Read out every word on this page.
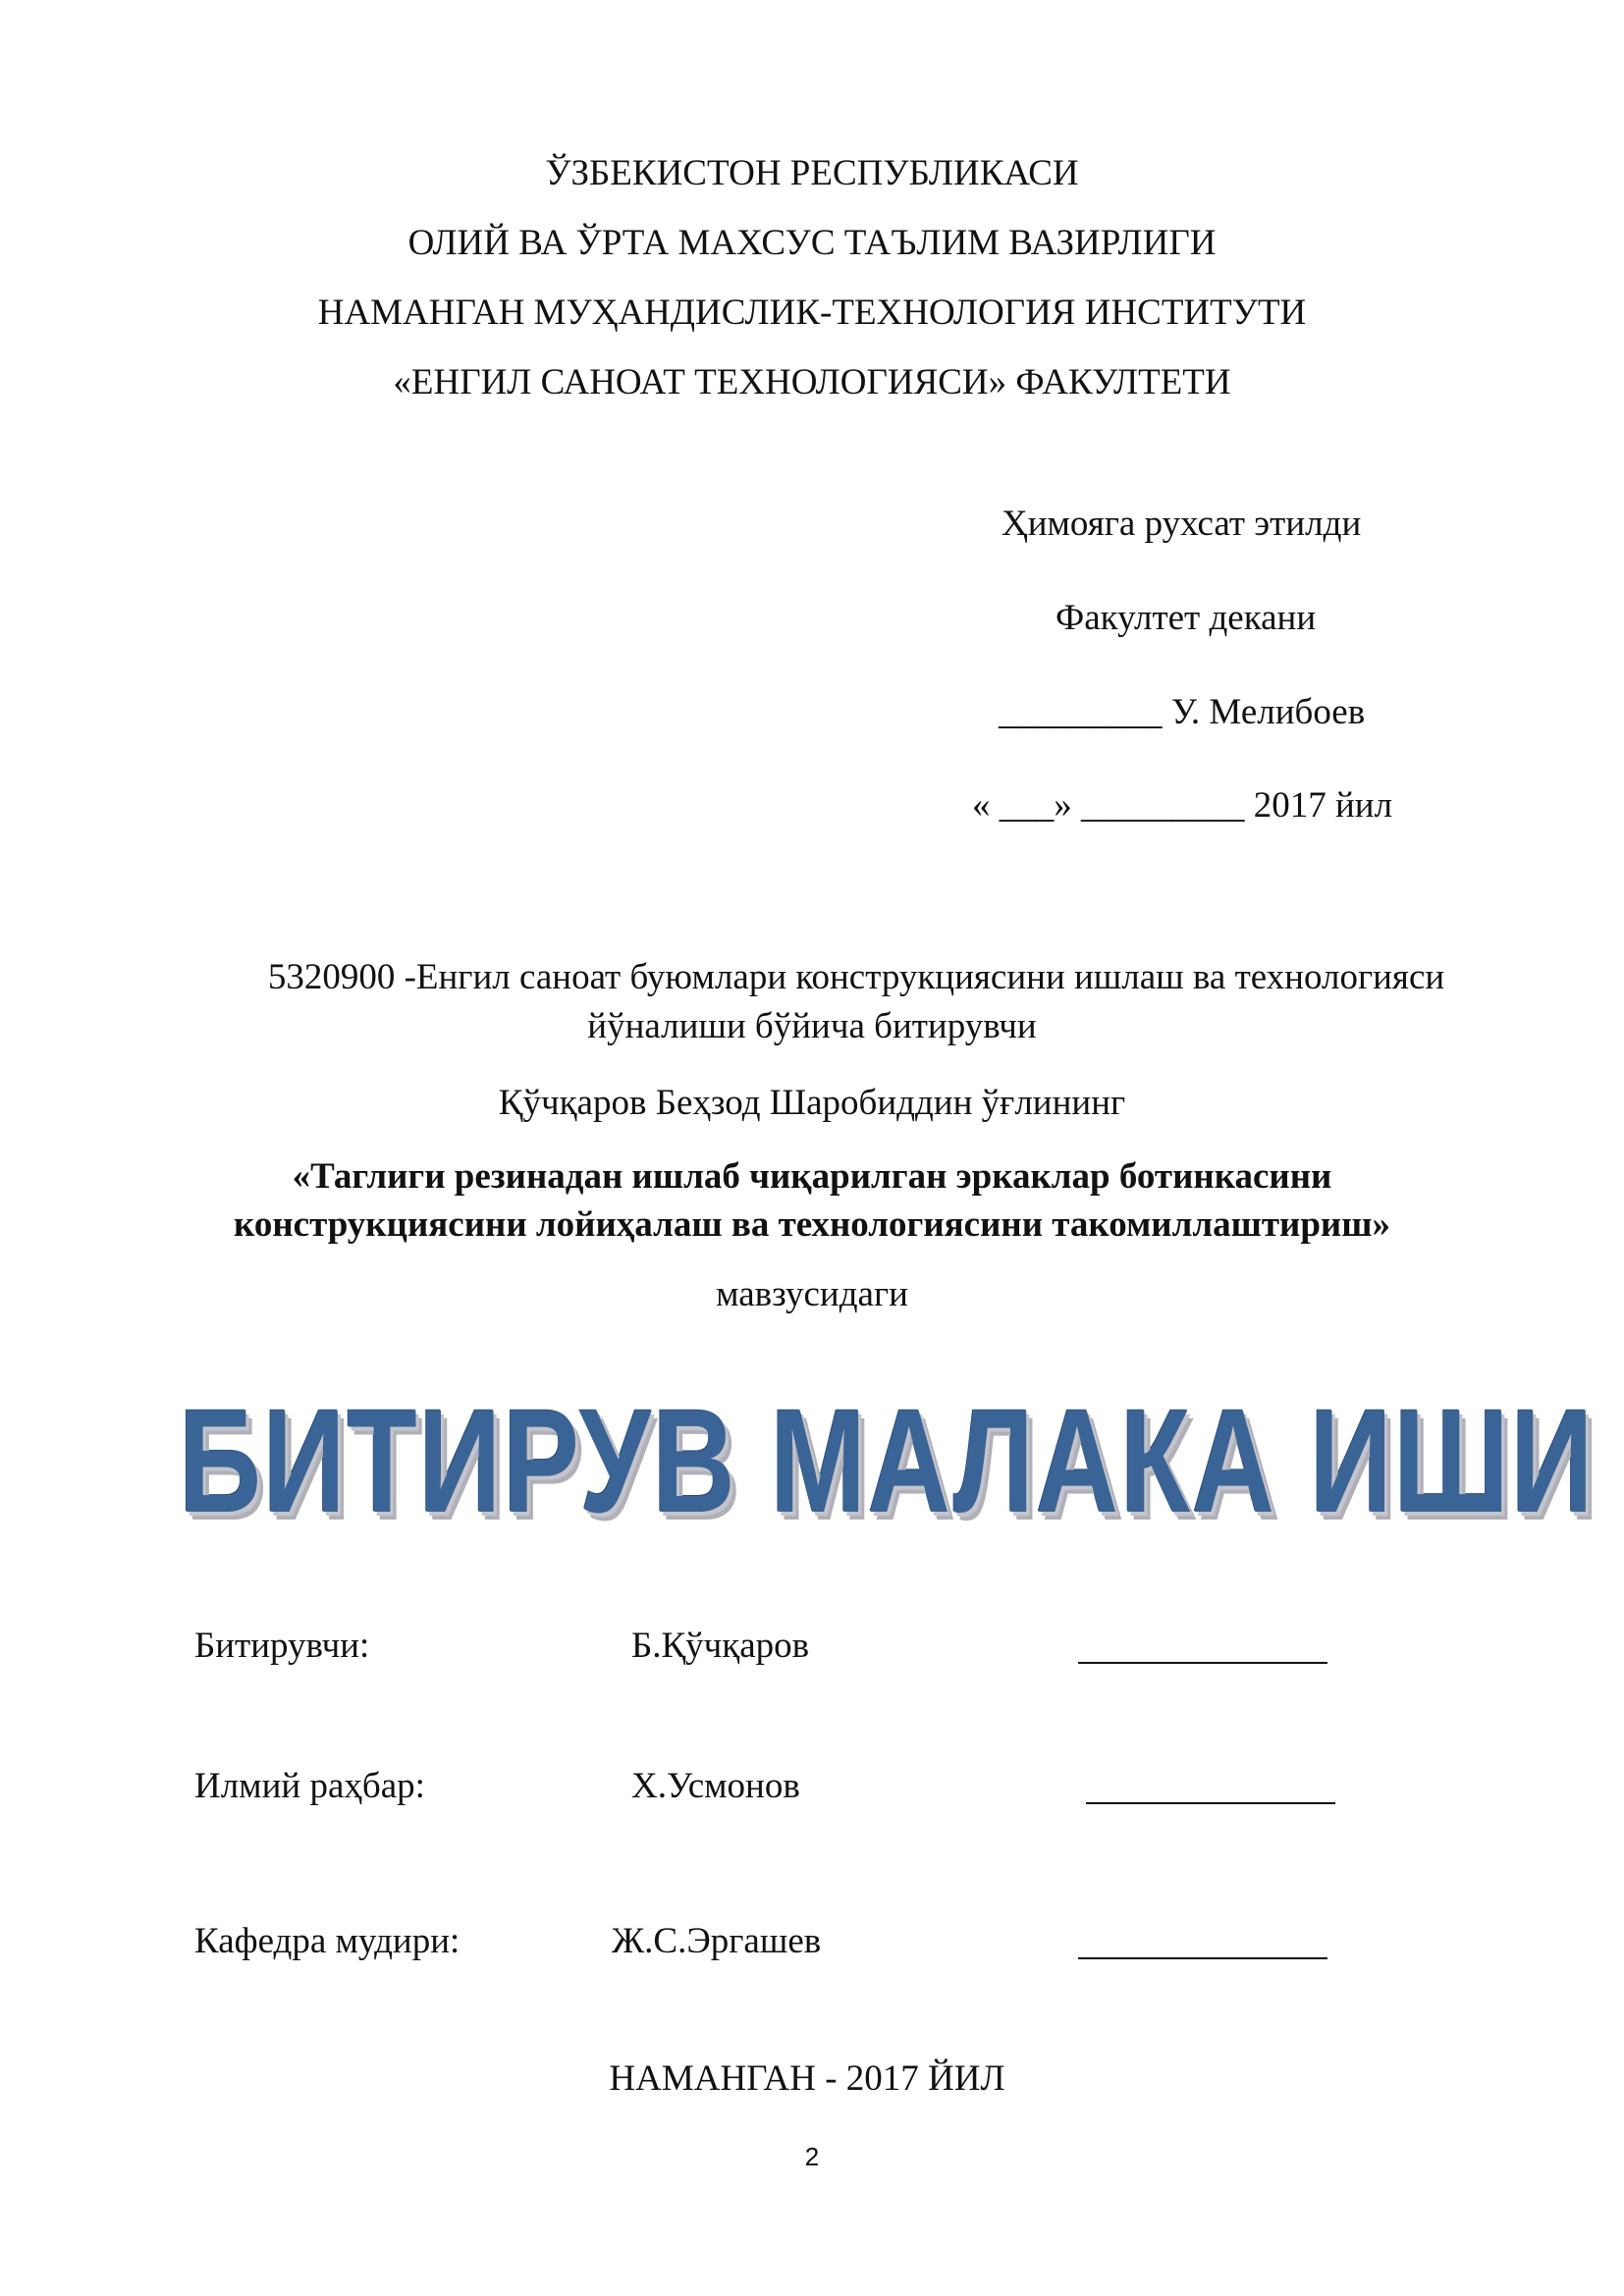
ЎЗБЕКИСТОН РЕСПУБЛИКАСИ
ОЛИЙ ВА ЎРТА МАХСУС ТАЪЛИМ ВАЗИРЛИГИ
НАМАНГАН МУҲАНДИСЛИК-ТЕХНОЛОГИЯ ИНСТИТУТИ
«ЕНГИЛ САНОАТ ТЕХНОЛОГИЯСИ» ФАКУЛТЕТИ
Ҳимояга рухсат этилди
Факултет декани
_________ У. Мелибоев
« ___» _________ 2017 йил
5320900 -Енгил саноат буюмлари конструкциясини ишлаш ва технологияси
йўналиши бўйича битирувчи
Қўчқаров Беҳзод Шаробиддин ўғлининг
«Таглиги резинадан ишлаб чиқарилган эркаклар ботинкасини
конструкциясини лойиҳалаш ва технологиясини такомиллаштириш»
мавзусидаги
БИТИРУВ МАЛАКА ИШИ
Битирувчи:	Б.Қўчқаров
Илмий раҳбар:	Х.Усмонов
Кафедра мудири:	Ж.С.Эргашев
НАМАНГАН - 2017 ЙИЛ
2
